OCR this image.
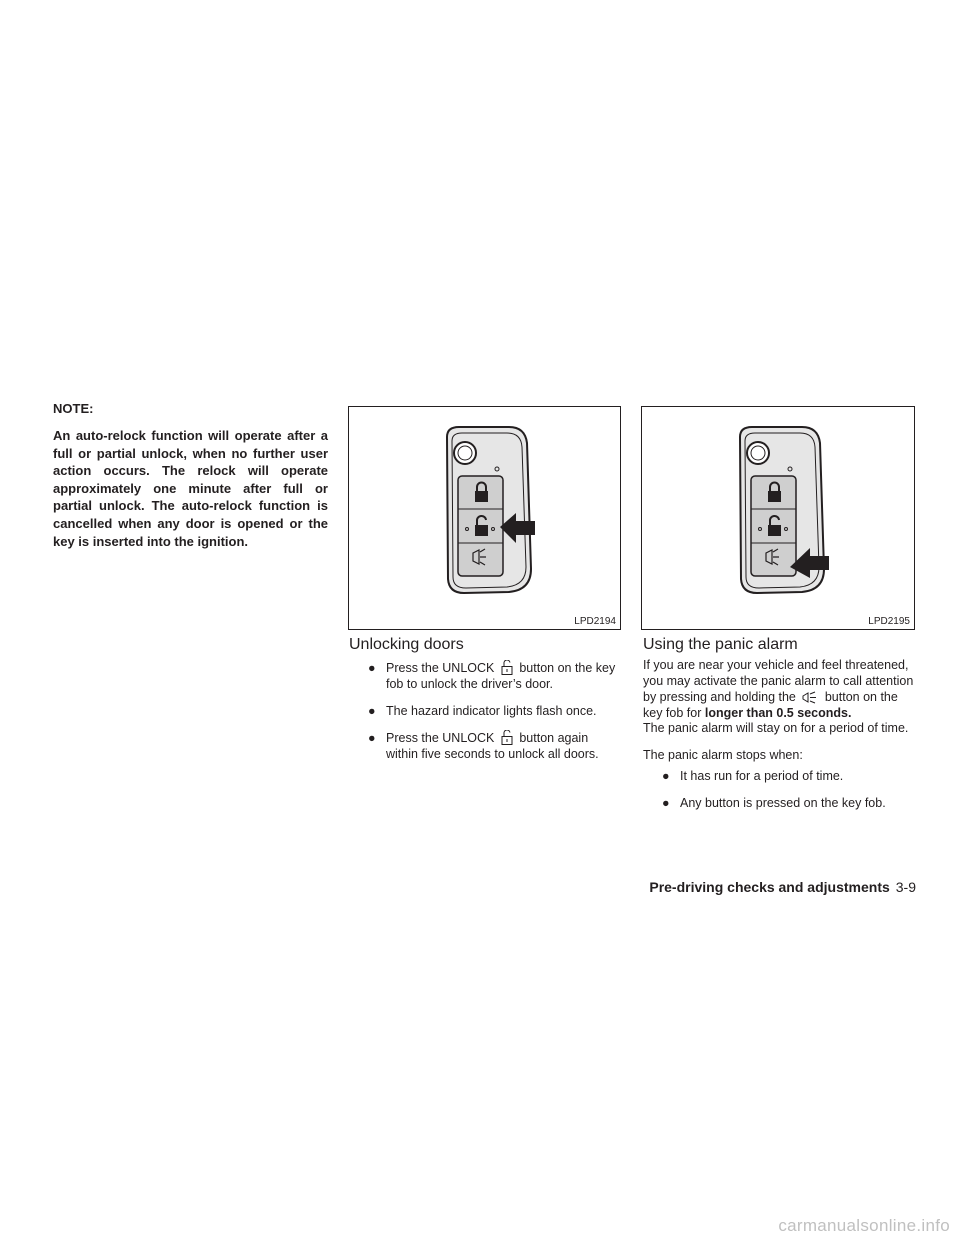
NOTE:

An auto-relock function will operate after a full or partial unlock, when no further user action occurs. The relock will operate approximately one minute after full or partial unlock. The auto-relock function is cancelled when any door is opened or the key is inserted into the ignition.

LPD2194	LPD2195
Unlocking doors
● Press the UNLOCK button on the key fob to unlock the driver’s door.
● The hazard indicator lights flash once.
● Press the UNLOCK button again within five seconds to unlock all doors.
Using the panic alarm

If you are near your vehicle and feel threatened, you may activate the panic alarm to call attention by pressing and holding the button on the key fob for longer than 0.5 seconds.

The panic alarm will stay on for a period of time.

The panic alarm stops when:

● It has run for a period of time.
● Any button is pressed on the key fob.
Pre-driving checks and adjustments 3-9
carmanualsonline.info
